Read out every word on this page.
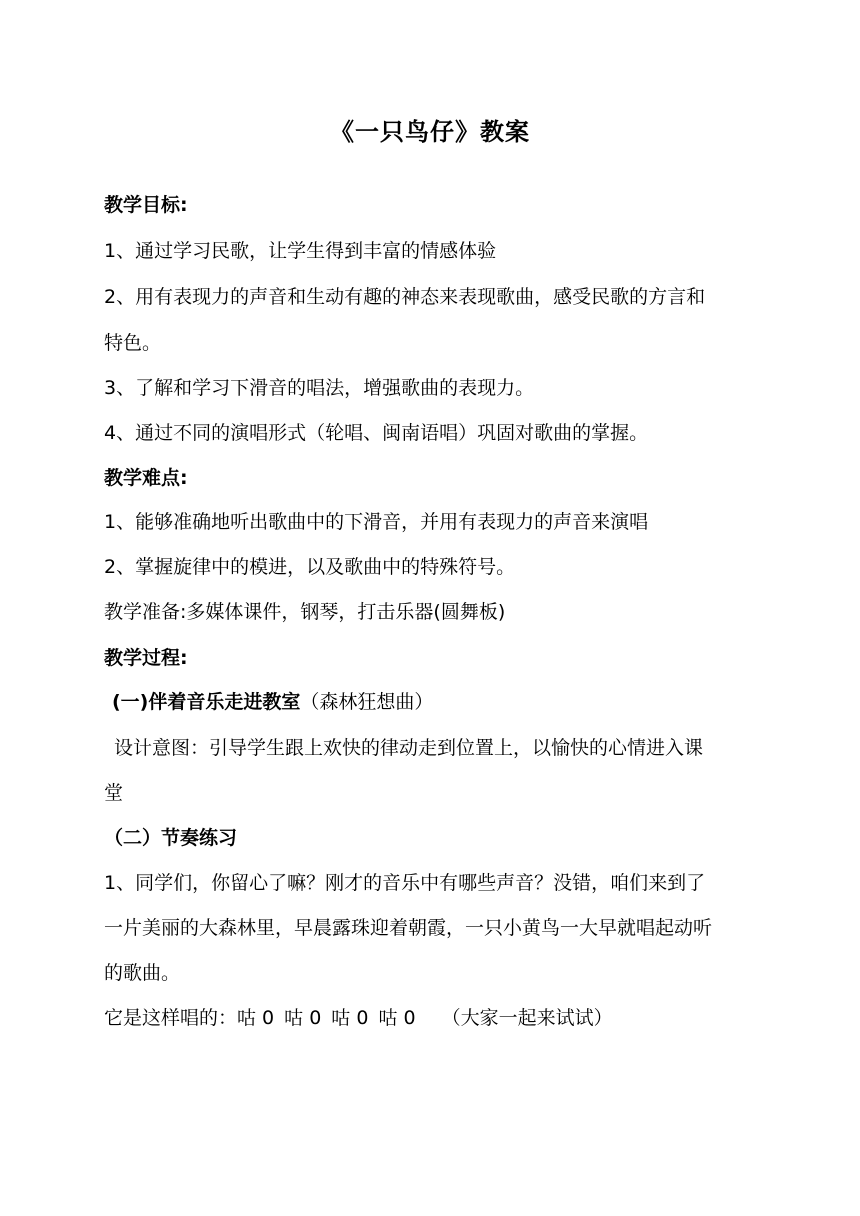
《一只鸟仔》教案
教学目标:
1、通过学习民歌，让学生得到丰富的情感体验
2、用有表现力的声音和生动有趣的神态来表现歌曲，感受民歌的方言和
特色。
3、了解和学习下滑音的唱法，增强歌曲的表现力。
4、通过不同的演唱形式（轮唱、闽南语唱）巩固对歌曲的掌握。
教学难点:
1、能够准确地听出歌曲中的下滑音，并用有表现力的声音来演唱
2、掌握旋律中的模进，以及歌曲中的特殊符号。
教学准备:多媒体课件，钢琴，打击乐器(圆舞板)
教学过程:
(一)伴着音乐走进教室（森林狂想曲）
设计意图：引导学生跟上欢快的律动走到位置上，以愉快的心情进入课
堂
（二）节奏练习
1、同学们，你留心了嘛？刚才的音乐中有哪些声音？没错，咱们来到了
一片美丽的大森林里，早晨露珠迎着朝霞，一只小黄鸟一大早就唱起动听
的歌曲。
它是这样唱的：咕 0 咕 0 咕 0 咕 0 （大家一起来试试）
